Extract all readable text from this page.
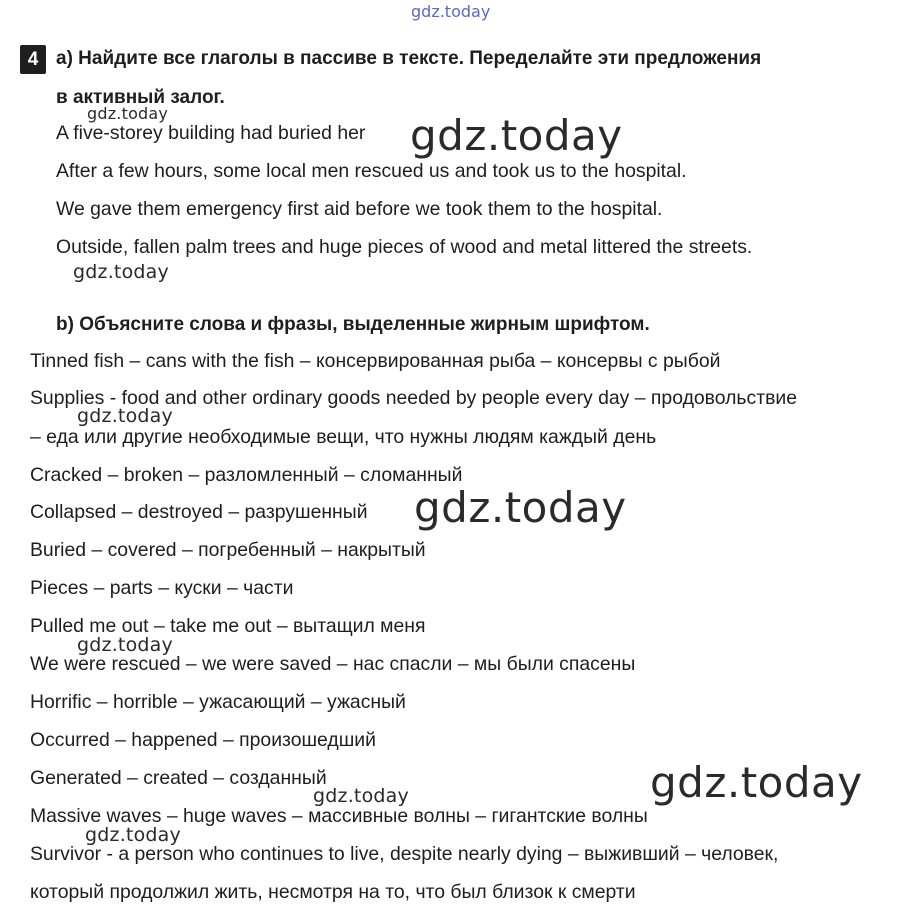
gdz.today
4 a) Найдите все глаголы в пассиве в тексте. Переделайте эти предложения
в активный залог.
gdz.today
A five-storey building had buried her gdz.today
After a few hours, some local men rescued us and took us to the hospital.
We gave them emergency first aid before we took them to the hospital.
Outside, fallen palm trees and huge pieces of wood and metal littered the streets.
gdz.today
b) Объясните слова и фразы, выделенные жирным шрифтом.
Tinned fish – cans with the fish – консервированная рыба – консервы с рыбой
Supplies - food and other ordinary goods needed by people every day – продовольствие
gdz.today
– еда или другие необходимые вещи, что нужны людям каждый день
Cracked – broken – разломленный – сломанный
Collapsed – destroyed – разрушенный gdz.today
Buried – covered – погребенный – накрытый
Pieces – parts – куски – части
Pulled me out – take me out – вытащил меня
gdz.today
We were rescued – we were saved – нас спасли – мы были спасены
Horrific – horrible – ужасающий – ужасный
Occurred – happened – произошедший
Generated – created – созданный	gdz.today
gdz.today
Massive waves – huge waves – массивные волны – гигантские волны
gdz.today
Survivor - a person who continues to live, despite nearly dying – выживший – человек,
который продолжил жить, несмотря на то, что был близок к смерти
